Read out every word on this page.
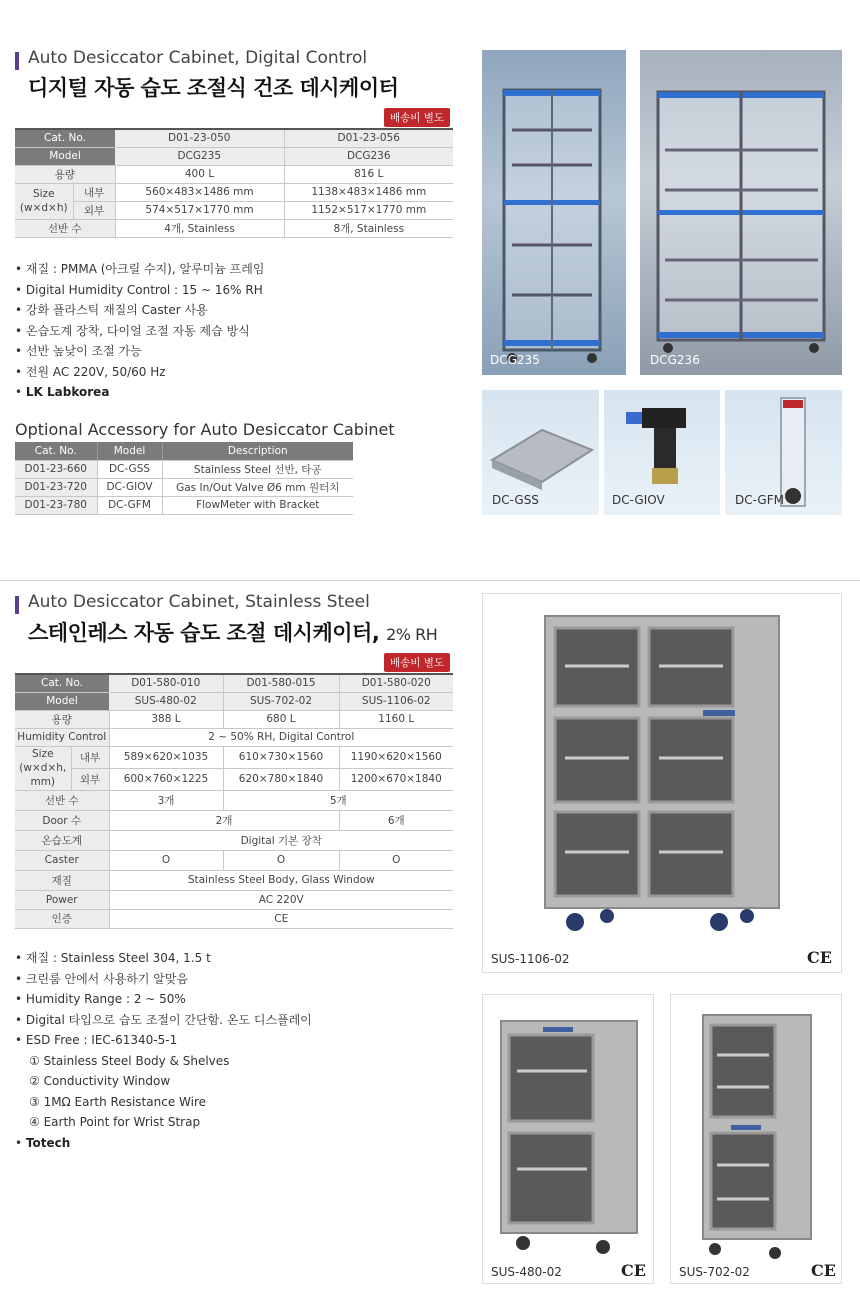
Auto Desiccator Cabinet, Digital Control
디지털 자동 습도 조절식 건조 데시케이터
배송비 별도
Cat. No.		D01-23-050	D01-23-056
Model		DCG235	DCG236
용량		400 L	816 L
Size
(w×d×h)	내부	560×483×1486 mm	1138×483×1486 mm
	외부	574×517×1770 mm	1152×517×1770 mm
선반 수		4개, Stainless	8개, Stainless
• 재질 : PMMA (아크릴 수지), 알루미늄 프레임
• Digital Humidity Control : 15 ~ 16% RH
• 강화 플라스틱 재질의 Caster 사용
• 온습도계 장착, 다이얼 조절 자동 제습 방식
• 선반 높낮이 조절 가능
• 전원 AC 220V, 50/60 Hz
• LK Labkorea
Optional Accessory for Auto Desiccator Cabinet
Cat. No.	Model	Description
D01-23-660	DC-GSS	Stainless Steel 선반, 타공
D01-23-720	DC-GIOV	Gas In/Out Valve Ø6 mm 원터치
D01-23-780	DC-GFM	FlowMeter with Bracket
DCG235	DCG236
DC-GSS	DC-GIOV	DC-GFM
Auto Desiccator Cabinet, Stainless Steel
스테인레스 자동 습도 조절 데시케이터, 2% RH
배송비 별도
Cat. No.		D01-580-010	D01-580-015	D01-580-020
Model		SUS-480-02	SUS-702-02	SUS-1106-02
용량		388 L	680 L	1160 L
Humidity Control		2 ~ 50% RH, Digital Control		
Size
(w×d×h,
mm)	내부	589×620×1035	610×730×1560	1190×620×1560
	외부	600×760×1225	620×780×1840	1200×670×1840
선반 수		3개	5개	
Door 수		2개		6개
온습도계		Digital 기본 장착		
Caster		O	O	O
재질		Stainless Steel Body, Glass Window		
Power		AC 220V		
인증		CE		
• 재질 : Stainless Steel 304, 1.5 t
• 크린룸 안에서 사용하기 알맞음
• Humidity Range : 2 ~ 50%
• Digital 타입으로 습도 조절이 간단함. 온도 디스플레이
• ESD Free : IEC-61340-5-1
① Stainless Steel Body & Shelves
② Conductivity Window
③ 1MΩ Earth Resistance Wire
④ Earth Point for Wrist Strap
• Totech
SUS-1106-02	CE
SUS-480-02	CE	SUS-702-02	CE
